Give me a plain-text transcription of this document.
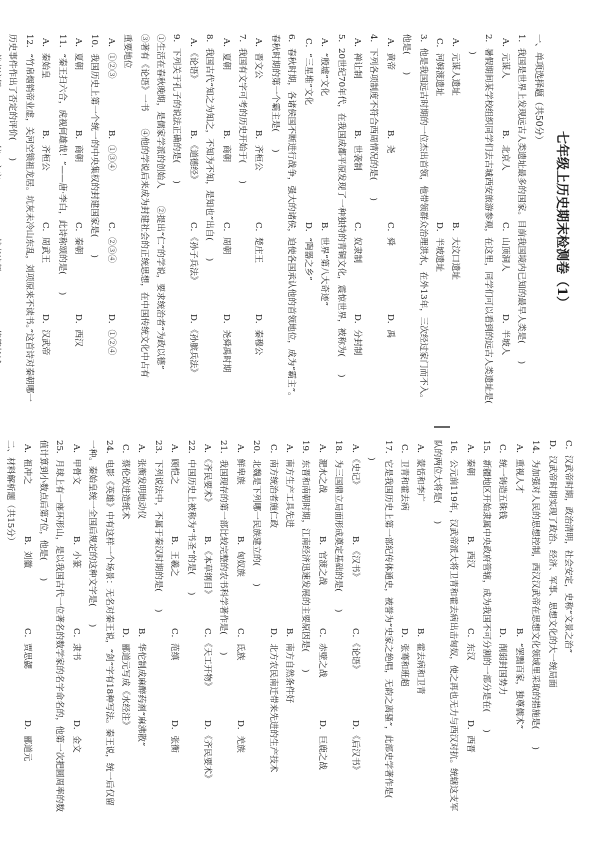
七年级上历史期末检测卷（1）
一、单项选择题（共50分）
1．我国是世界上发现远古人类遗址最多的国家。目前我国境内已知的最早人类是(　　)
A．元谋人
B．北京人
C．山顶洞人
D．半坡人
2．暑假期间某学校组织同学们去古城西安旅游参观，在这里，同学们可以看到的远古人类遗址是(
　　)
A．元谋人遗址
B．大汶口遗址
C．河姆渡遗址
D．半坡遗址
3．他是我国远古时期的一位杰出首领，他带领群众治理洪水，在外13年，三次经过家门而不入。
他是(　　)
A．黄帝
B．尧
C．舜
D．禹
4．下列各项制度不符合西周情况的是(　　)
A．禅让制
B．世袭制
C．奴隶制
D．分封制
5．20世纪70年代，在我国成都平原发现了一种独特的青铜文化，震惊世界，被称为(　　)
A．“殷墟”文化
B．世界“第八大奇迹”
C．“三星堆”文化
D．“陶器之乡”
6．春秋时期，各诸侯国不断进行战争，强大的诸侯，迫使各国承认他的首领地位，成为“霸主”。
春秋时期的第一个霸主是(　　)
A．晋文公
B．齐桓公
C．楚庄王
D．秦穆公
7．我国有文字可考的历史开始于(　　)
A．夏朝
B．商朝
C．周朝
D．尧舜禹时期
8．我国古代“知之为知之，不知为不知，是知也”出自(　　)
A．《论语》
B．《道德经》
C．《孙子兵法》
D．《孙膑兵法》
9．下列关于孔子的说法正确的是(　　)
①生活在春秋晚期，是儒家学派的创始人　　②提出“仁”的学说，要求统治者“为政以德”
③著有《论语》一书　　④他的学说后来成为封建社会的正统思想，在中国传统文化中占有
重要地位
A．①②③
B．①③④
C．②③④
D．①②④
10．我国历史上第一个统一的中央集权的封建国家是(　　)
A．夏朝
B．商朝
C．秦朝
D．西汉
11．“秦王扫六合，虎视何雄哉！”——唐·李白，此诗称颂的是(　　)
A．秦始皇
B．齐桓公
C．周武王
D．汉武帝
12．“竹帛烟销帝业虚，关河空锁祖龙居。坑灰未冷山东乱，刘项原来不读书。”这首诗对秦朝哪一
历史事件作出了否定的评价(　　)
C．汉武帝时期，政治清明，社会安定，史称“文景之治”
D．汉武帝时期实现了政治、经济、军事、思想文化的大一统局面
14．为加强对人民的思想控制，西汉汉武帝在思想文化领域里采取的措施是(　　)
A．重视人才
B．“罢黜百家，独尊儒术”
C．统一铸造五铢钱
D．削弱封国势力
15．新疆地区开始隶属中央政府管辖，成为我国不可分割的一部分是在(　　)
A．秦朝
B．西汉
C．东汉
D．西晋
16．公元前119年，汉武帝派大将卫青和霍去病出击匈奴，使之再也无力与西汉对抗。统辖这支军
队的两位大将是(　　)
A．蒙恬和李广
B．霍去病和卫青
C．卫青和霍去病
D．张骞和班超
17．它是我国历史上第一部纪传体通史，被誉为“史家之绝唱，无韵之离骚”，此部史学著作是(
　　)
A．《史记》
B．《汉书》
C．《论语》
D．《后汉书》
18．为三国鼎立局面形成奠定基础的是(　　)
A．淝水之战
B．官渡之战
C．赤壁之战
D．巨鹿之战
19．东晋和南朝时期，江南经济迅速发展的主要原因是(　　)
A．南方生产工具先进
B．南方自然条件好
C．南方统治者施仁政
D．北方农民南迁带来先进的生产技术
20．北魏是下列哪一民族建立的(　　)
A．鲜卑族
B．匈奴族
C．氐族
D．羌族
21．我国现存的第一部比较完整的农书科学著作是(　　)
A．《齐民要术》
B．《本草纲目》
C．《天工开物》
D．《齐民要术》
22．中国历史上被称为“书圣”的是(　　)
A．顾恺之
B．王羲之
C．范缜
D．张衡
23．下列说法中，不属于秦汉时期的是(　　)
A．张衡发明地动仪
B．华佗制成麻醉药剂“麻沸散”
C．蔡伦改进造纸术
D．郦道元写成《水经注》
24．电影《英雄》中有这样一个场景：无名对秦王说，“剑”字有18种写法。秦王说，统一后仅留
一种。秦始皇统一全国后规定的这种文字是(　　)
A．甲骨文
B．小篆
C．隶书
D．金文
25．月球上有一座环形山，是以我国古代一位著名的数学家的名字命名的，他第一次把圆周率的数
值计算到小数点后第7位，他是(　　)
A．祖冲之
B．刘徽
C．贾思勰
D．郦道元
二、材料解析题（共15分）
